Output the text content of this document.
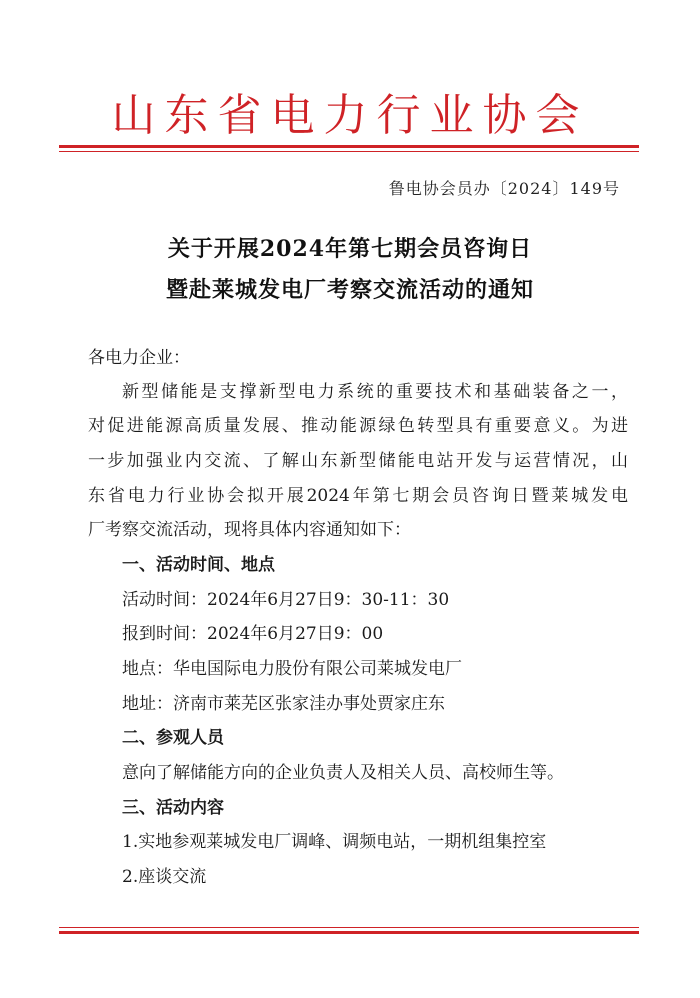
山东省电力行业协会
鲁电协会员办〔2024〕149号
关于开展2024年第七期会员咨询日
暨赴莱城发电厂考察交流活动的通知
各电力企业：
新型储能是支撑新型电力系统的重要技术和基础装备之一，
对促进能源高质量发展、推动能源绿色转型具有重要意义。为进
一步加强业内交流、了解山东新型储能电站开发与运营情况，山
东省电力行业协会拟开展2024年第七期会员咨询日暨莱城发电
厂考察交流活动，现将具体内容通知如下：
一、活动时间、地点
活动时间：2024年6月27日9：30-11：30
报到时间：2024年6月27日9：00
地点：华电国际电力股份有限公司莱城发电厂
地址：济南市莱芜区张家洼办事处贾家庄东
二、参观人员
意向了解储能方向的企业负责人及相关人员、高校师生等。
三、活动内容
1.实地参观莱城发电厂调峰、调频电站，一期机组集控室
2.座谈交流
